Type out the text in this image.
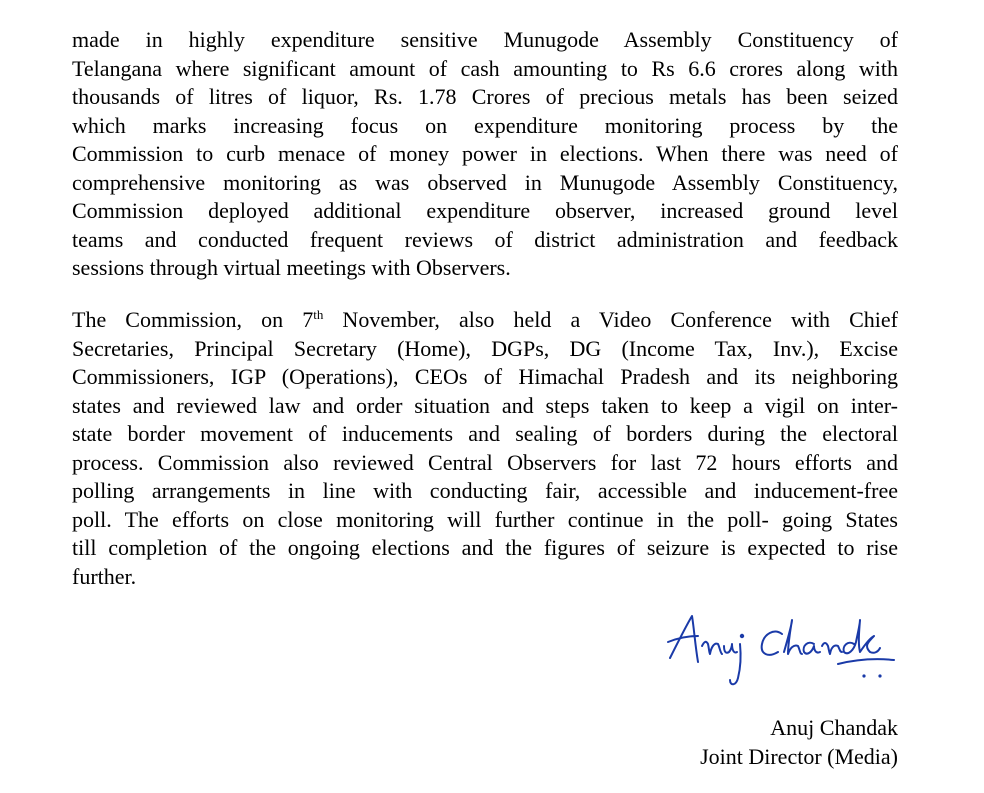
made in highly expenditure sensitive Munugode Assembly Constituency of
Telangana where significant amount of cash amounting to Rs 6.6 crores along with
thousands of litres of liquor, Rs. 1.78 Crores of precious metals has been seized
which marks increasing focus on expenditure monitoring process by the
Commission to curb menace of money power in elections. When there was need of
comprehensive monitoring as was observed in Munugode Assembly Constituency,
Commission deployed additional expenditure observer, increased ground level
teams and conducted frequent reviews of district administration and feedback
sessions through virtual meetings with Observers.
The Commission, on 7th November, also held a Video Conference with Chief
Secretaries, Principal Secretary (Home), DGPs, DG (Income Tax, Inv.), Excise
Commissioners, IGP (Operations), CEOs of Himachal Pradesh and its neighboring
states and reviewed law and order situation and steps taken to keep a vigil on inter-
state border movement of inducements and sealing of borders during the electoral
process. Commission also reviewed Central Observers for last 72 hours efforts and
polling arrangements in line with conducting fair, accessible and inducement-free
poll. The efforts on close monitoring will further continue in the poll- going States
till completion of the ongoing elections and the figures of seizure is expected to rise
further.
Anuj Chandak
Joint Director (Media)
